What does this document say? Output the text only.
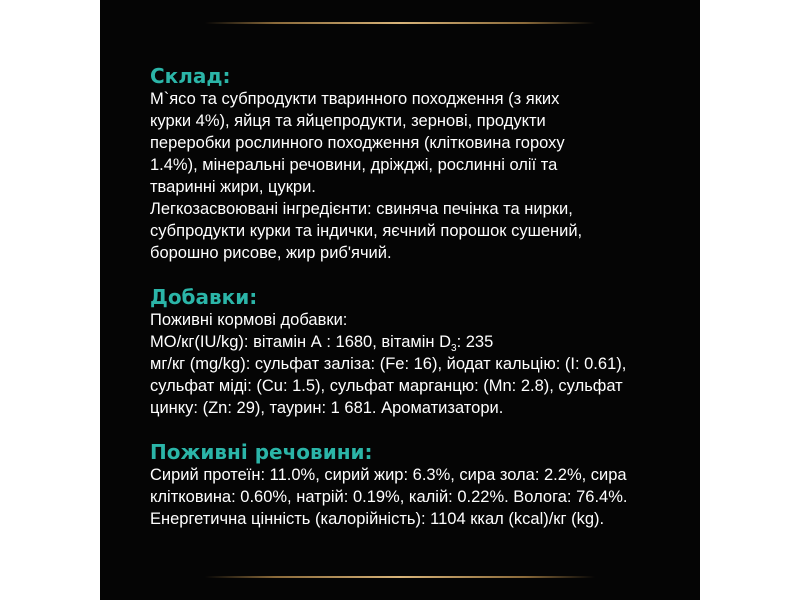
Склад:

М`ясо та субпродукти тваринного походження (з яких

курки 4%), яйця та яйцепродукти, зернові, продукти

переробки рослинного походження (клітковина гороху

1.4%), мінеральні речовини, дріжджі, рослинні олії та

тваринні жири, цукри.

Легкозасвоювані інгредієнти: свиняча печінка та нирки,

субпродукти курки та індички, яєчний порошок сушений,

борошно рисове, жир риб'ячий.

Добавки:

Поживні кормові добавки:

МО/кг(IU/kg): вітамін А : 1680, вітамін $D_3$: 235

мг/кг (mg/kg): сульфат заліза: (Fe: 16), йодат кальцію: (I: 0.61),

сульфат міді: (Cu: 1.5), сульфат марганцю: (Mn: 2.8), сульфат

цинку: (Zn: 29), таурин: 1 681. Ароматизатори.

Поживні речовини:

Сирий протеїн: 11.0%, сирий жир: 6.3%, сира зола: 2.2%, сира

клітковина: 0.60%, натрій: 0.19%, калій: 0.22%. Волога: 76.4%.

Енергетична цінність (калорійність): 1104 ккал (kcal)/кг (kg).
